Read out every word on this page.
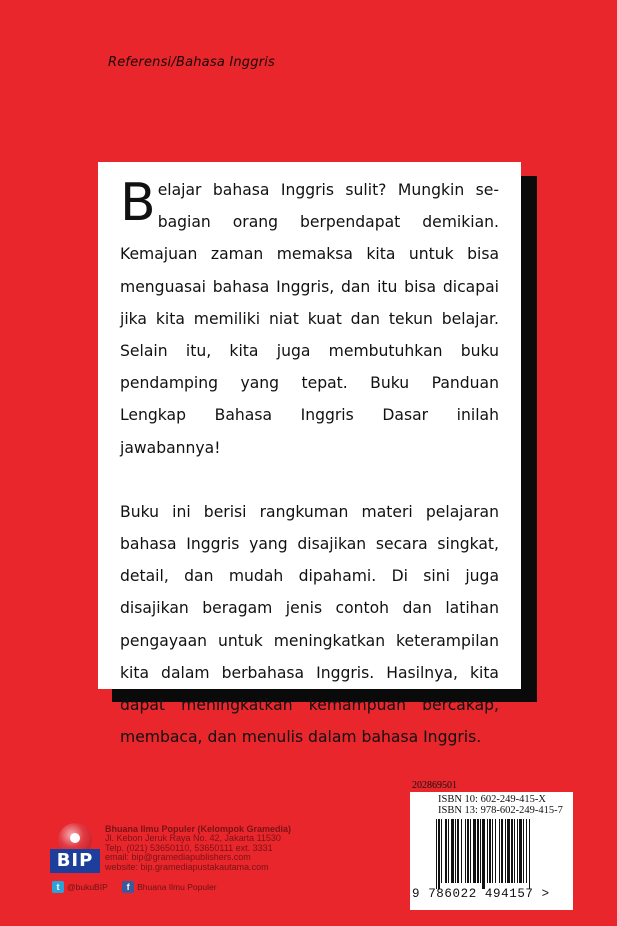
Referensi/Bahasa Inggris

Belajar bahasa Inggris sulit? Mungkin sebagian orang berpendapat demikian. Kemajuan zaman memaksa kita untuk bisa menguasai bahasa Inggris, dan itu bisa dicapai jika kita memiliki niat kuat dan tekun belajar. Selain itu, kita juga membutuhkan buku pendamping yang tepat. Buku Panduan Lengkap Bahasa Inggris Dasar inilah jawabannya!

Buku ini berisi rangkuman materi pelajaran bahasa Inggris yang disajikan secara singkat, detail, dan mudah dipahami. Di sini juga disajikan beragam jenis contoh dan latihan pengayaan untuk meningkatkan keterampilan kita dalam berbahasa Inggris. Hasilnya, kita dapat meningkatkan kemampuan bercakap, membaca, dan menulis dalam bahasa Inggris.

202869501
ISBN 10: 602-249-415-X
ISBN 13: 978-602-249-415-7
9 786022 494157 >
BIP
Bhuana Ilmu Populer (Kelompok Gramedia)
Jl. Kebon Jeruk Raya No. 42, Jakarta 11530
Telp. (021) 53650110, 53650111 ext. 3331
email: bip@gramediapublishers.com
website: bip.gramediapustakautama.com
t @bukuBIP
	f Bhuana Ilmu Populer
